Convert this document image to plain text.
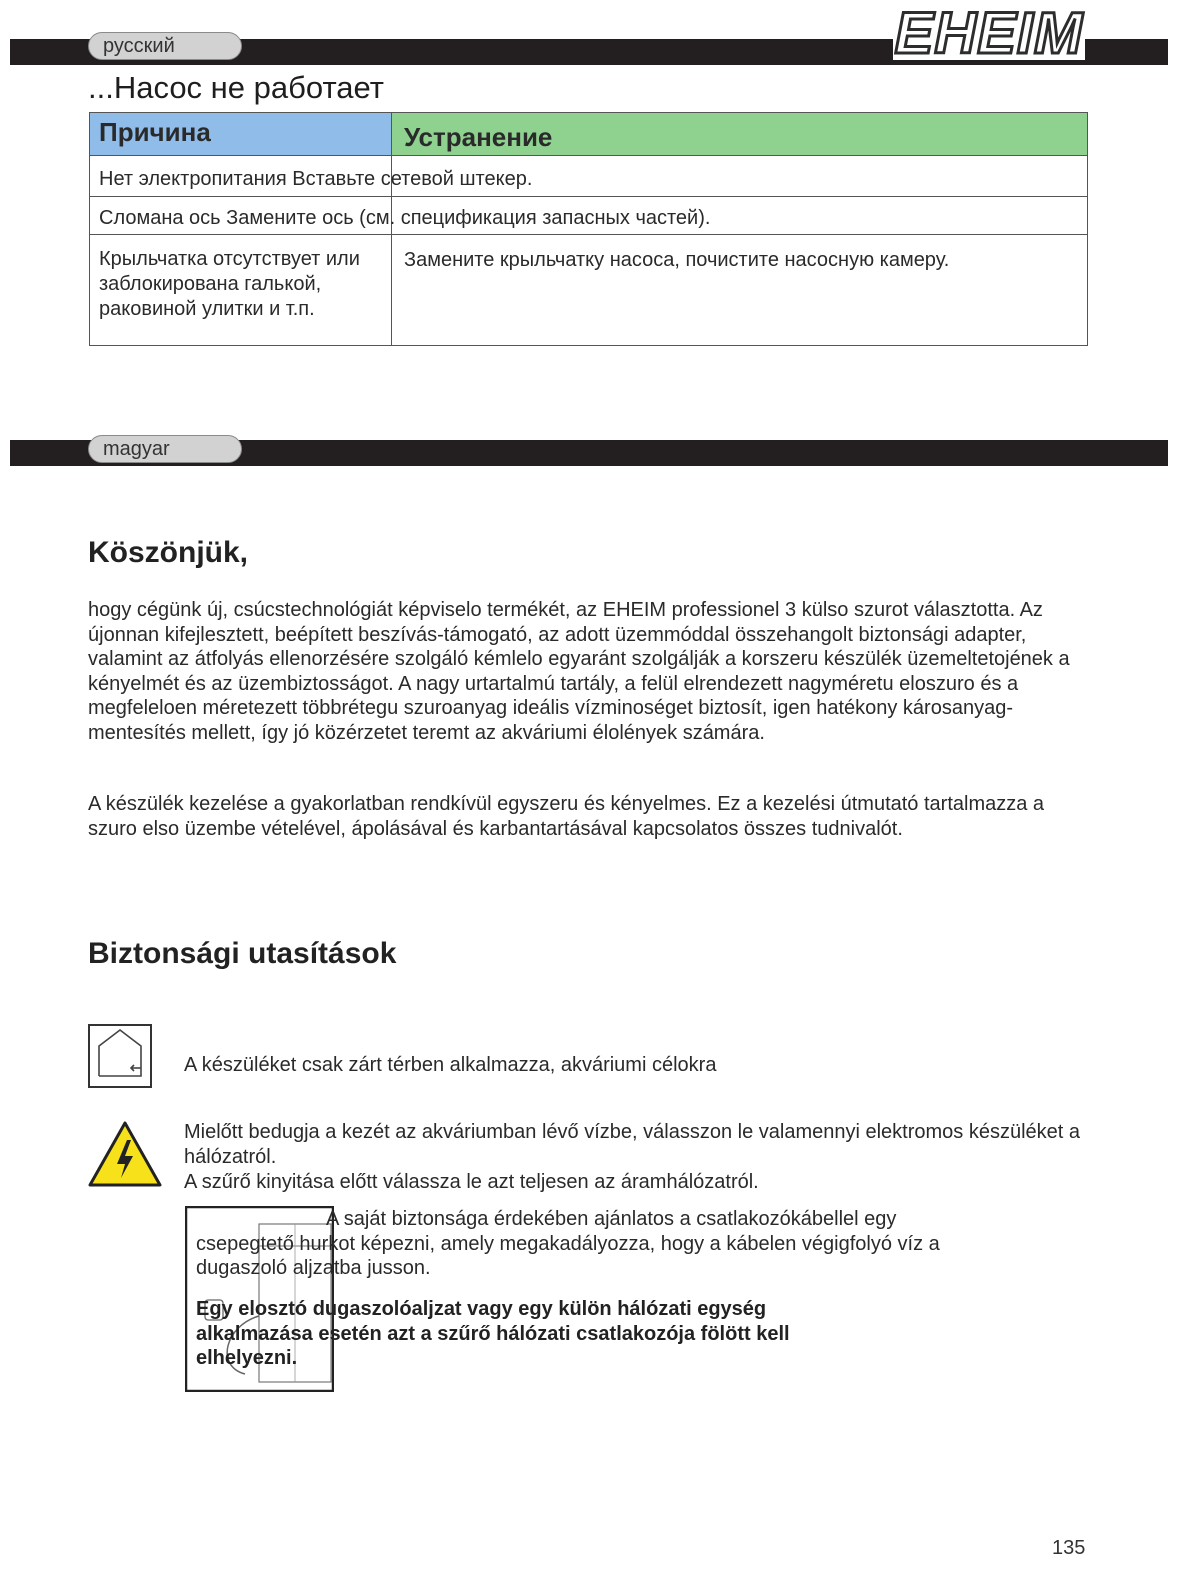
русский	EHEIM
...Насос не работает
Причина	Устранение
Нет электропитания Вставьте сетевой штекер.
Сломана ось Замените ось (см. спецификация запасных частей).
Крыльчатка отсутствует или заблокирована галькой, раковиной улитки и т.п.
Замените крыльчатку насоса, почистите насосную камеру.
magyar
Köszönjük,
hogy cégünk új, csúcstechnológiát képviselo termékét, az EHEIM professionel 3 külso szurot választotta. Az újonnan kifejlesztett, beépített beszívás-támogató, az adott üzemmóddal összehangolt biztonsági adapter, valamint az átfolyás ellenorzésére szolgáló kémlelo egyaránt szolgálják a korszeru készülék üzemeltetojének a kényelmét és az üzembiztosságot. A nagy urtartalmú tartály, a felül elrendezett nagyméretu eloszuro és a megfeleloen méretezett többrétegu szuroanyag ideális vízminoséget biztosít, igen hatékony károsanyag-mentesítés mellett, így jó közérzetet teremt az akváriumi élolények számára.
A készülék kezelése a gyakorlatban rendkívül egyszeru és kényelmes. Ez a kezelési útmutató tartalmazza a szuro elso üzembe vételével, ápolásával és karbantartásával kapcsolatos összes tudnivalót.
Biztonsági utasítások
A készüléket csak zárt térben alkalmazza, akváriumi célokra
Mielőtt bedugja a kezét az akváriumban lévő vízbe, válasszon le valamennyi elektromos készüléket a hálózatról.
A szűrő kinyitása előtt válassza le azt teljesen az áramhálózatról.
A saját biztonsága érdekében ajánlatos a csatlakozókábellel egy csepegtető hurkot képezni, amely megakadályozza, hogy a kábelen végigfolyó víz a dugaszoló aljzatba jusson.
Egy elosztó dugaszolóaljzat vagy egy külön hálózati egység alkalmazása esetén azt a szűrő hálózati csatlakozója fölött kell elhelyezni.
135
